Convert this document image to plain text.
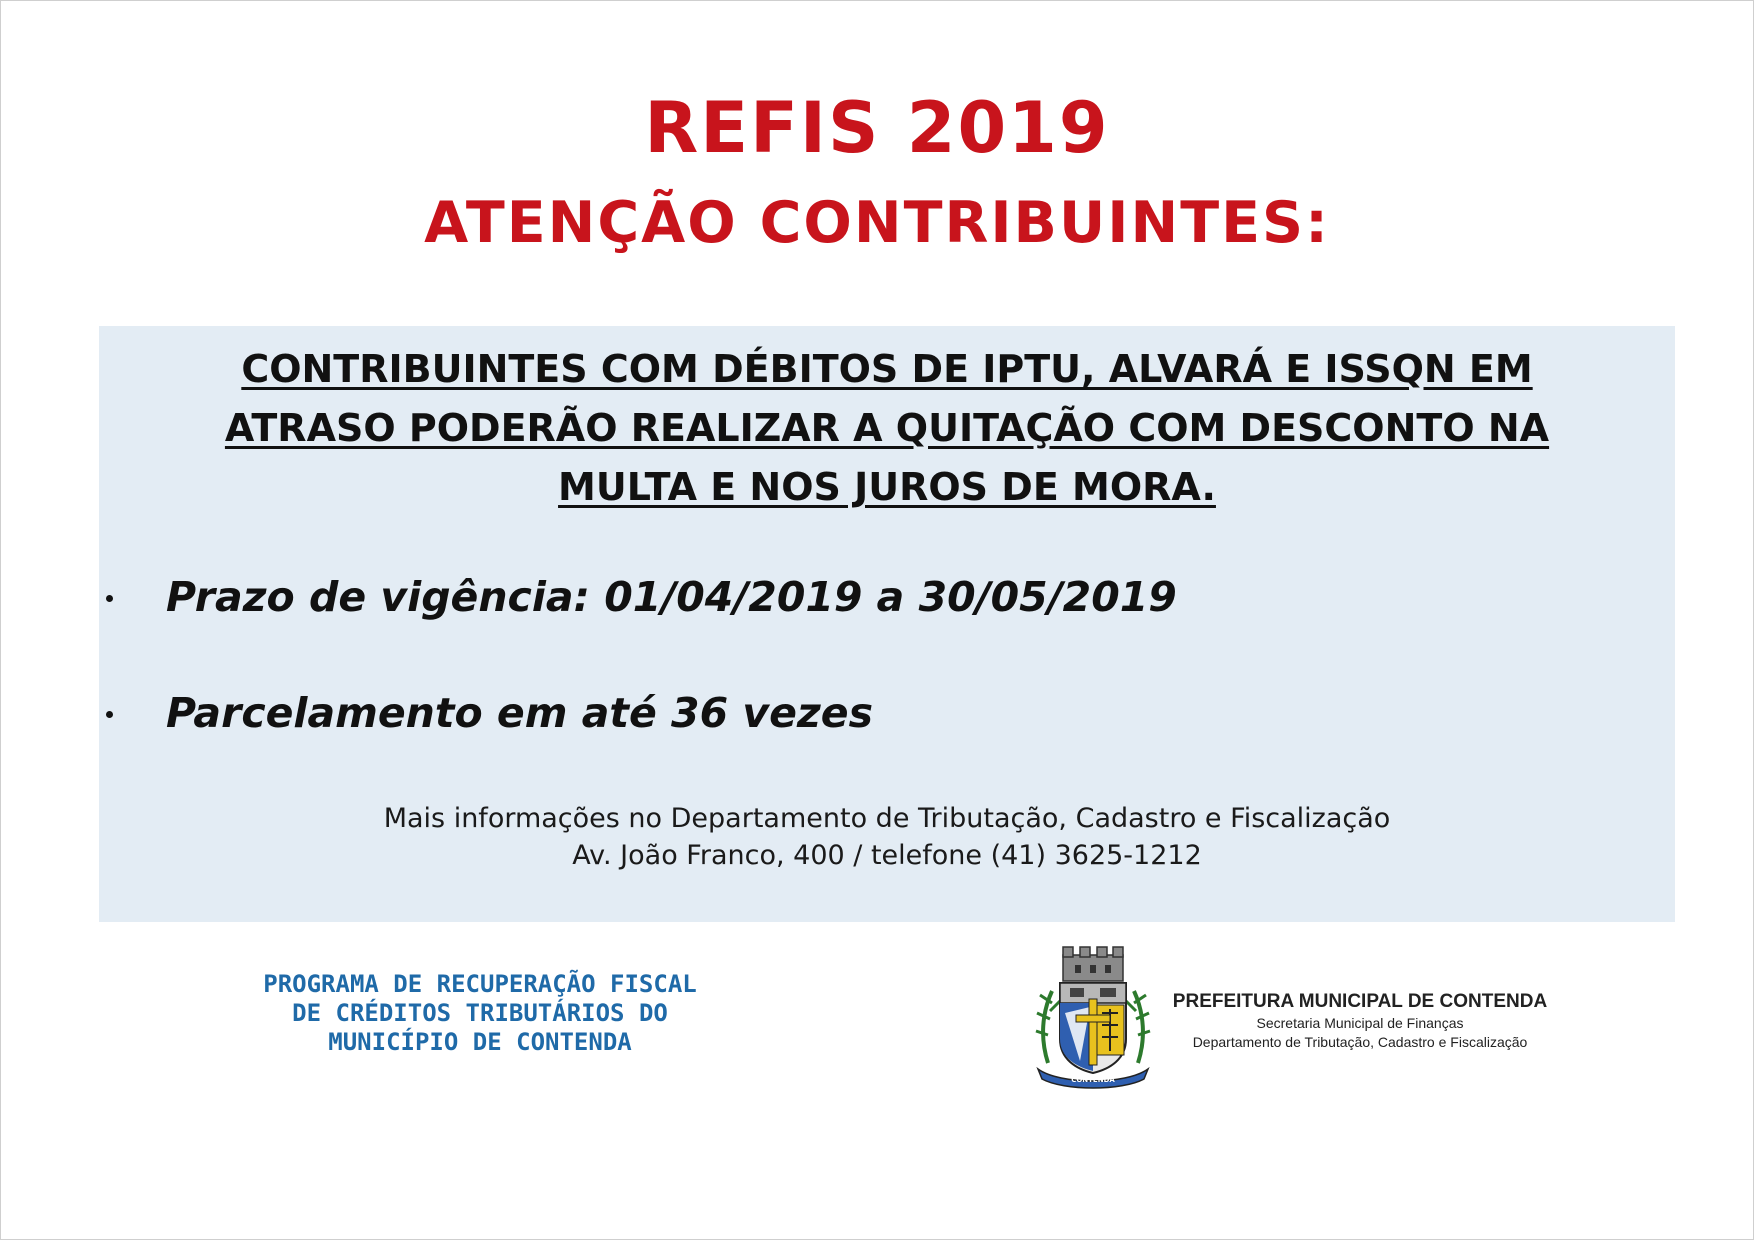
REFIS 2019
ATENÇÃO CONTRIBUINTES:

CONTRIBUINTES COM DÉBITOS DE IPTU, ALVARÁ E ISSQN EM
ATRASO PODERÃO REALIZAR A QUITAÇÃO COM DESCONTO NA
MULTA E NOS JUROS DE MORA.

Prazo de vigência: 01/04/2019 a 30/05/2019
Parcelamento em até 36 vezes
Mais informações no Departamento de Tributação, Cadastro e Fiscalização
Av. João Franco, 400 / telefone (41) 3625-1212
PROGRAMA DE RECUPERAÇÃO FISCAL
DE CRÉDITOS TRIBUTÁRIOS DO
MUNICÍPIO DE CONTENDA
CONTENDA
PREFEITURA MUNICIPAL DE CONTENDA
Secretaria Municipal de Finanças
Departamento de Tributação, Cadastro e Fiscalização
